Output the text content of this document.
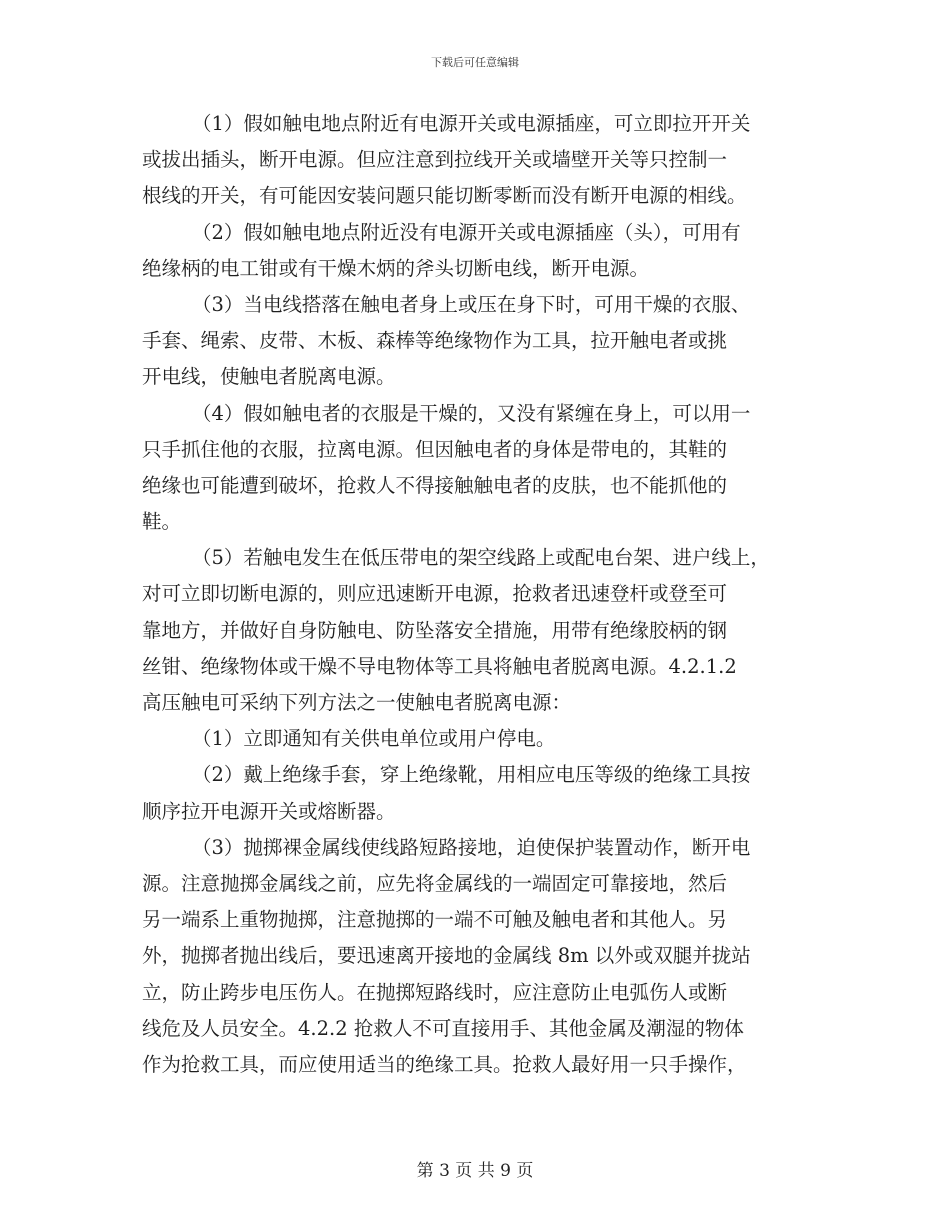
下载后可任意编辑
（1）假如触电地点附近有电源开关或电源插座，可立即拉开开关
或拔出插头，断开电源。但应注意到拉线开关或墙壁开关等只控制一
根线的开关，有可能因安装问题只能切断零断而没有断开电源的相线。
（2）假如触电地点附近没有电源开关或电源插座（头），可用有
绝缘柄的电工钳或有干燥木炳的斧头切断电线，断开电源。
（3）当电线搭落在触电者身上或压在身下时，可用干燥的衣服、
手套、绳索、皮带、木板、森棒等绝缘物作为工具，拉开触电者或挑
开电线，使触电者脱离电源。
（4）假如触电者的衣服是干燥的，又没有紧缠在身上，可以用一
只手抓住他的衣服，拉离电源。但因触电者的身体是带电的，其鞋的
绝缘也可能遭到破坏，抢救人不得接触触电者的皮肤，也不能抓他的
鞋。
（5）若触电发生在低压带电的架空线路上或配电台架、进户线上，
对可立即切断电源的，则应迅速断开电源，抢救者迅速登杆或登至可
靠地方，并做好自身防触电、防坠落安全措施，用带有绝缘胶柄的钢
丝钳、绝缘物体或干燥不导电物体等工具将触电者脱离电源。4.2.1.2
高压触电可采纳下列方法之一使触电者脱离电源：
（1）立即通知有关供电单位或用户停电。
（2）戴上绝缘手套，穿上绝缘靴，用相应电压等级的绝缘工具按
顺序拉开电源开关或熔断器。
（3）抛掷裸金属线使线路短路接地，迫使保护装置动作，断开电
源。注意抛掷金属线之前，应先将金属线的一端固定可靠接地，然后
另一端系上重物抛掷，注意抛掷的一端不可触及触电者和其他人。另
外，抛掷者抛出线后，要迅速离开接地的金属线 8m 以外或双腿并拢站
立，防止跨步电压伤人。在抛掷短路线时，应注意防止电弧伤人或断
线危及人员安全。4.2.2 抢救人不可直接用手、其他金属及潮湿的物体
作为抢救工具，而应使用适当的绝缘工具。抢救人最好用一只手操作，
第 3 页 共 9 页
